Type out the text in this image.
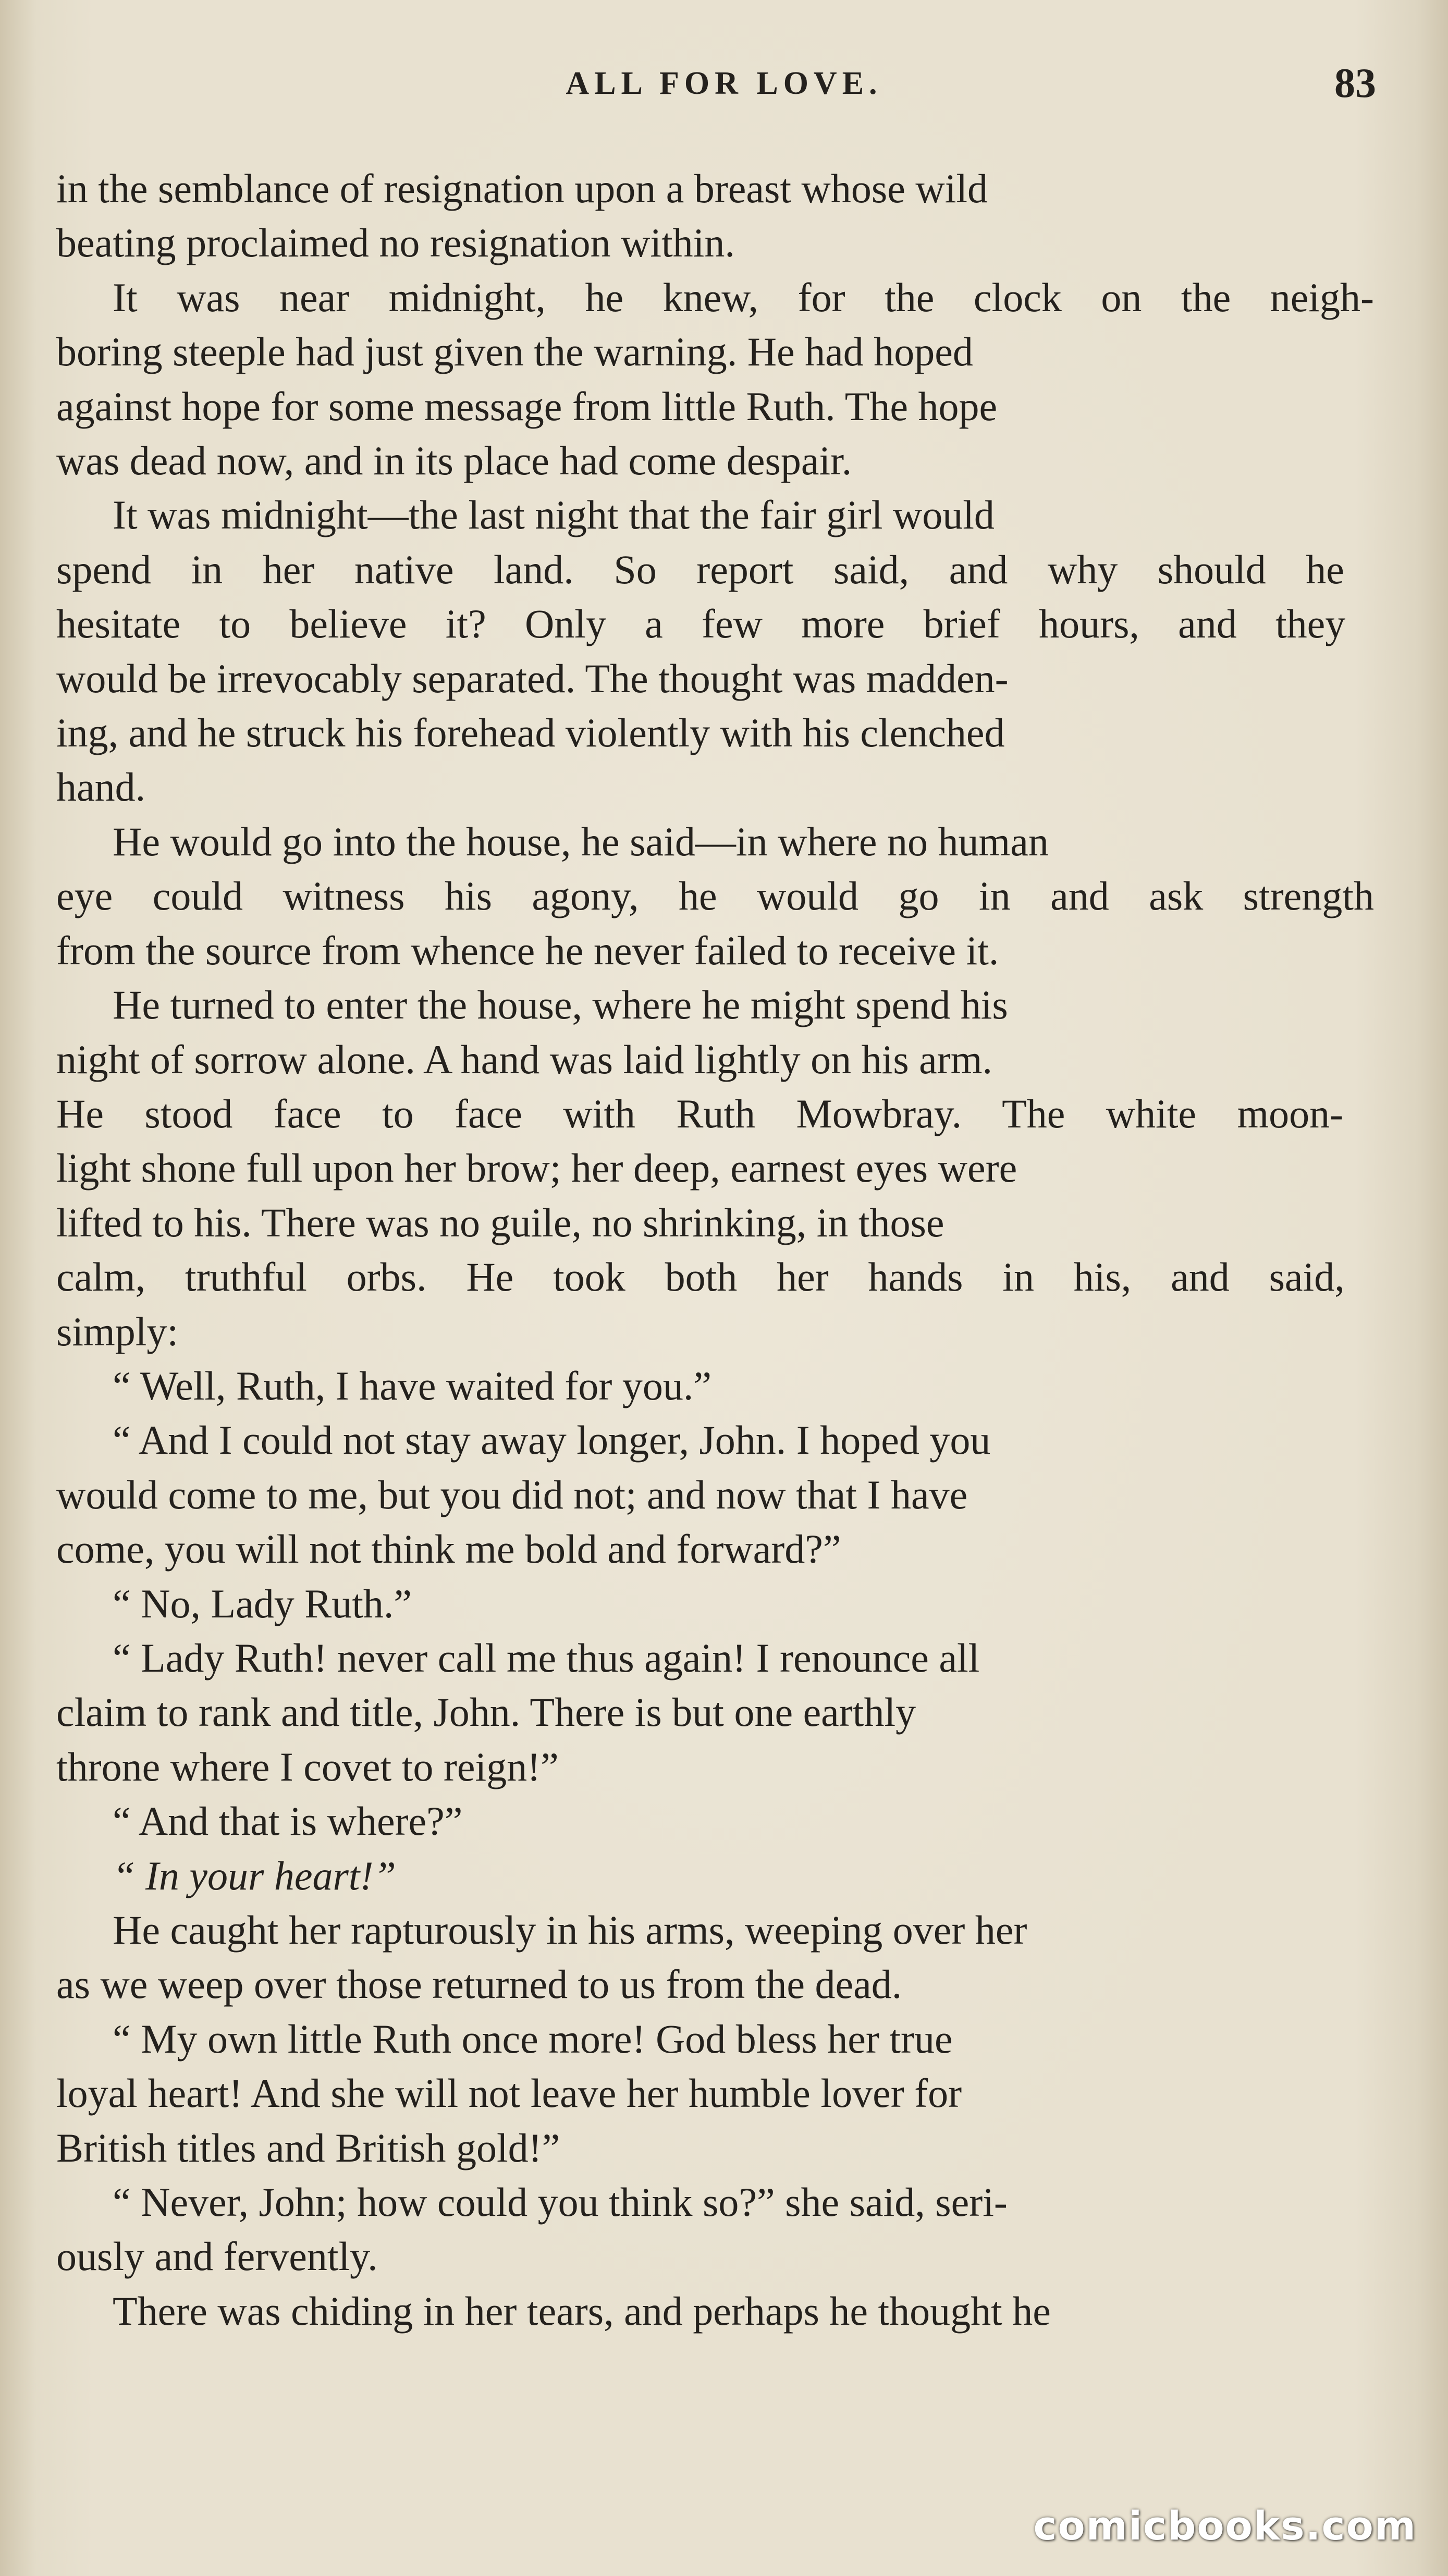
ALL FOR LOVE.	83

in the semblance of resignation upon a breast whose wild
beating proclaimed no resignation within.

It was near midnight, he knew, for the clock on the neigh-
boring steeple had just given the warning. He had hoped
against hope for some message from little Ruth. The hope
was dead now, and in its place had come despair.

It was midnight—the last night that the fair girl would
spend in her native land. So report said, and why should he
hesitate to believe it? Only a few more brief hours, and they
would be irrevocably separated. The thought was madden-
ing, and he struck his forehead violently with his clenched
hand.

He would go into the house, he said—in where no human
eye could witness his agony, he would go in and ask strength
from the source from whence he never failed to receive it.

He turned to enter the house, where he might spend his
night of sorrow alone. A hand was laid lightly on his arm.
He stood face to face with Ruth Mowbray. The white moon-
light shone full upon her brow; her deep, earnest eyes were
lifted to his. There was no guile, no shrinking, in those
calm, truthful orbs. He took both her hands in his, and said,
simply:

“ Well, Ruth, I have waited for you.”

“ And I could not stay away longer, John. I hoped you
would come to me, but you did not; and now that I have
come, you will not think me bold and forward?”

“ No, Lady Ruth.”

“ Lady Ruth! never call me thus again! I renounce all
claim to rank and title, John. There is but one earthly
throne where I covet to reign!”

“ And that is where?”

“ In your heart!”

He caught her rapturously in his arms, weeping over her
as we weep over those returned to us from the dead.

“ My own little Ruth once more! God bless her true
loyal heart! And she will not leave her humble lover for
British titles and British gold!”

“ Never, John; how could you think so?” she said, seri-
ously and fervently.

There was chiding in her tears, and perhaps he thought he

comicbooks.com
